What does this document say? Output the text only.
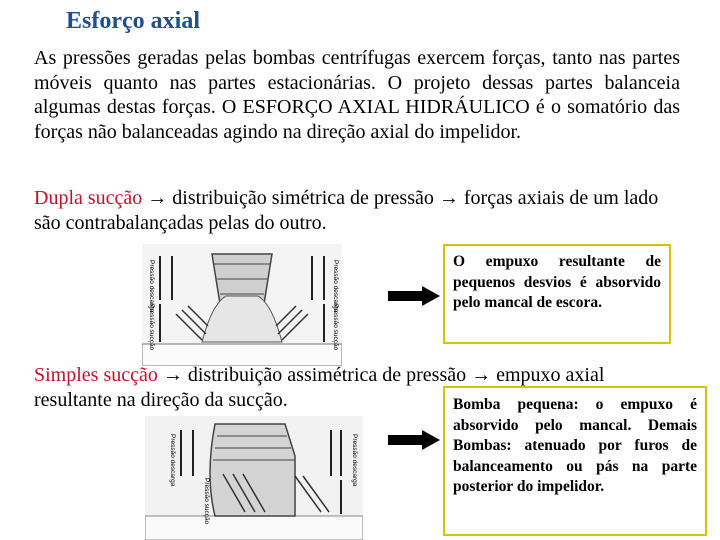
Esforço axial
As pressões geradas pelas bombas centrífugas exercem forças, tanto nas partes móveis quanto nas partes estacionárias. O projeto dessas partes balanceia algumas destas forças. O ESFORÇO AXIAL HIDRÁULICO é o somatório das forças não balanceadas agindo na direção axial do impelidor.
Dupla sucção → distribuição simétrica de pressão → forças axiais de um lado são contrabalançadas pelas do outro.
Pressão descarga
Pressão sucção
Pressão descarga
Pressão sucção
O empuxo resultante de pequenos desvios é absorvido pelo mancal de escora.
Simples sucção → distribuição assimétrica de pressão → empuxo axial resultante na direção da sucção.
Pressão descarga
Pressão sucção
Pressão descarga
Bomba pequena: o empuxo é absorvido pelo mancal. Demais Bombas: atenuado por furos de balanceamento ou pás na parte posterior do impelidor.
